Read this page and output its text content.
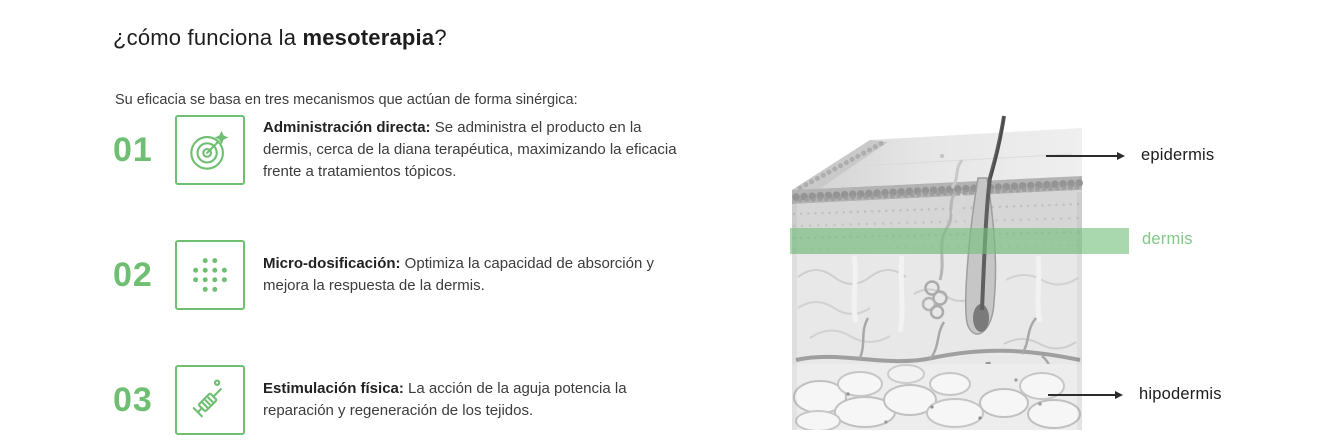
¿cómo funciona la mesoterapia?

Su eficacia se basa en tres mecanismos que actúan de forma sinérgica:

01

Administración directa: Se administra el producto en la dermis, cerca de la diana terapéutica, maximizando la eficacia frente a tratamientos tópicos.

02	Micro-dosificación: Optimiza la capacidad de absorción y mejora la respuesta de la dermis.

03	Estimulación física: La acción de la aguja potencia la reparación y regeneración de los tejidos.

epidermis
dermis
hipodermis
